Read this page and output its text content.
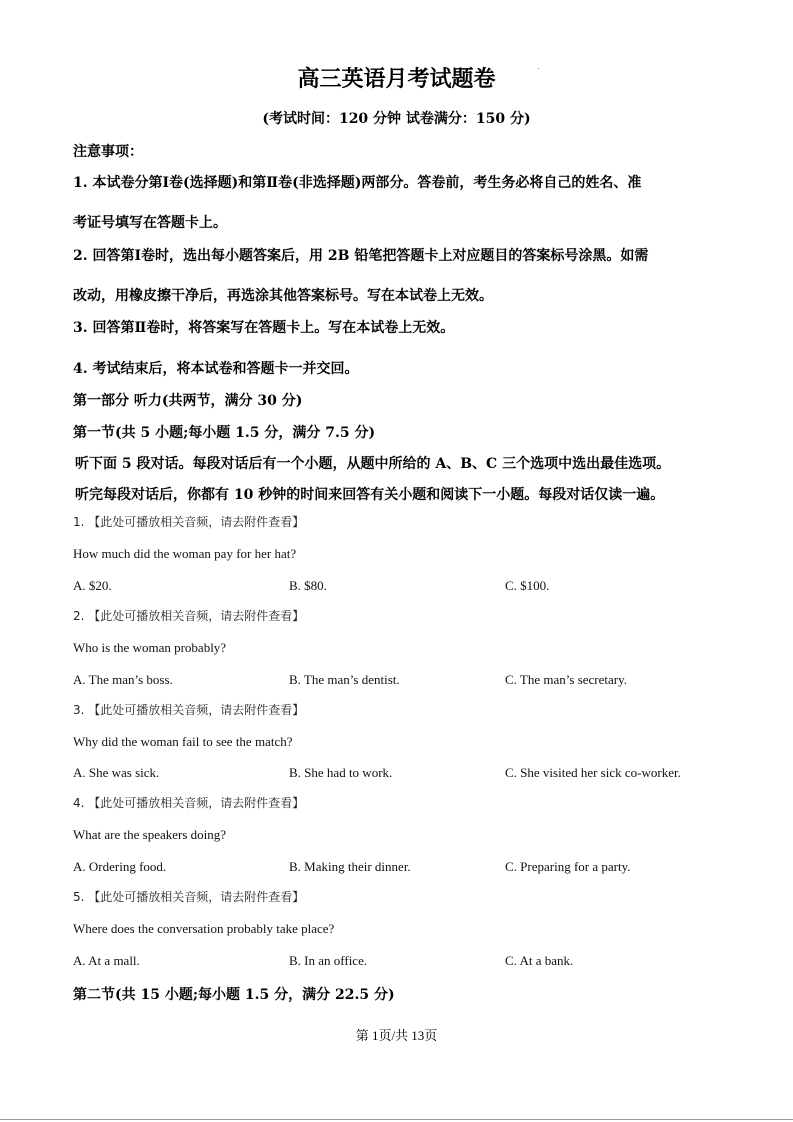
高三英语月考试题卷
(考试时间：120 分钟 试卷满分：150 分)
注意事项：
1. 本试卷分第Ⅰ卷(选择题)和第Ⅱ卷(非选择题)两部分。答卷前，考生务必将自己的姓名、准
考证号填写在答题卡上。
2. 回答第Ⅰ卷时，选出每小题答案后，用 2B 铅笔把答题卡上对应题目的答案标号涂黑。如需
改动，用橡皮擦干净后，再选涂其他答案标号。写在本试卷上无效。
3. 回答第Ⅱ卷时，将答案写在答题卡上。写在本试卷上无效。
4. 考试结束后，将本试卷和答题卡一并交回。
第一部分 听力(共两节，满分 30 分)
第一节(共 5 小题;每小题 1.5 分，满分 7.5 分)
听下面 5 段对话。每段对话后有一个小题，从题中所给的 A、B、C 三个选项中选出最佳选项。
听完每段对话后，你都有 10 秒钟的时间来回答有关小题和阅读下一小题。每段对话仅读一遍。
1. 【此处可播放相关音频，请去附件查看】
How much did the woman pay for her hat?
A. $20.	B. $80.	C. $100.
2. 【此处可播放相关音频，请去附件查看】
Who is the woman probably?
A. The man’s boss.	B. The man’s dentist.	C. The man’s secretary.
3. 【此处可播放相关音频，请去附件查看】
Why did the woman fail to see the match?
A. She was sick.	B. She had to work.	C. She visited her sick co-worker.
4. 【此处可播放相关音频，请去附件查看】
What are the speakers doing?
A. Ordering food.	B. Making their dinner.	C. Preparing for a party.
5. 【此处可播放相关音频，请去附件查看】
Where does the conversation probably take place?
A. At a mall.	B. In an office.	C. At a bank.
第二节(共 15 小题;每小题 1.5 分，满分 22.5 分)
第 1页/共 13页
